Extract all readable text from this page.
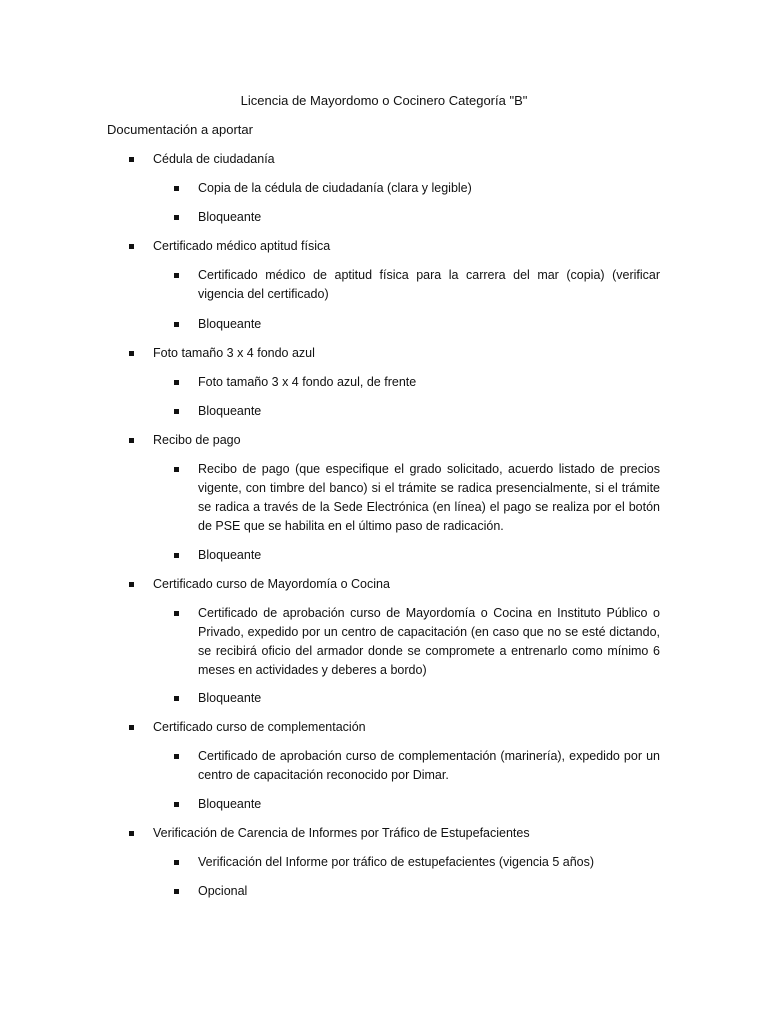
Licencia de Mayordomo o Cocinero Categoría "B"
Documentación a aportar
Cédula de ciudadanía
Copia de la cédula de ciudadanía (clara y legible)
Bloqueante
Certificado médico aptitud física
Certificado médico de aptitud física para la carrera del mar (copia) (verificar vigencia del certificado)
Bloqueante
Foto tamaño 3 x 4 fondo azul
Foto tamaño 3 x 4 fondo azul, de frente
Bloqueante
Recibo de pago
Recibo de pago (que especifique el grado solicitado, acuerdo listado de precios vigente, con timbre del banco) si el trámite se radica presencialmente, si el trámite se radica a través de la Sede Electrónica (en línea) el pago se realiza por el botón de PSE que se habilita en el último paso de radicación.
Bloqueante
Certificado curso de Mayordomía o Cocina
Certificado de aprobación curso de Mayordomía o Cocina en Instituto Público o Privado, expedido por un centro de capacitación (en caso que no se esté dictando, se recibirá oficio del armador donde se compromete a entrenarlo como mínimo 6 meses en actividades y deberes a bordo)
Bloqueante
Certificado curso de complementación
Certificado de aprobación curso de complementación (marinería), expedido por un centro de capacitación reconocido por Dimar.
Bloqueante
Verificación de Carencia de Informes por Tráfico de Estupefacientes
Verificación del Informe por tráfico de estupefacientes (vigencia 5 años)
Opcional
